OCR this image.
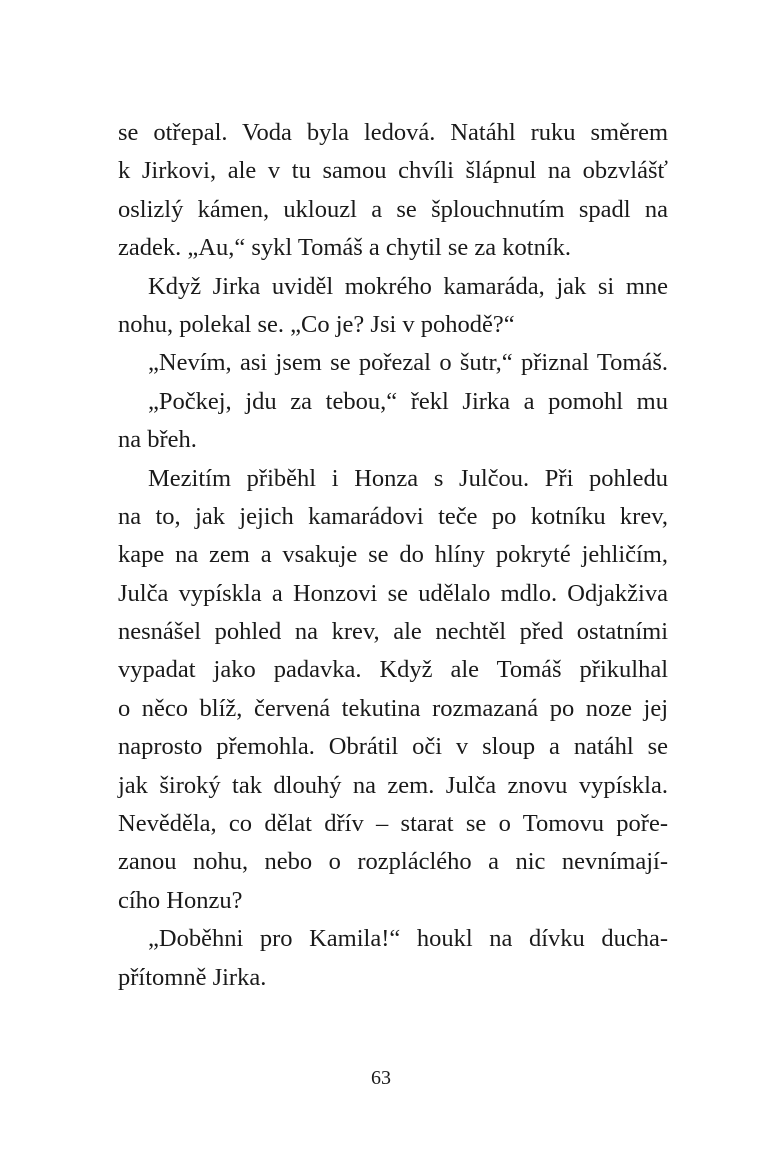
se otřepal. Voda byla ledová. Natáhl ruku směrem
k Jirkovi, ale v tu samou chvíli šlápnul na obzvlášť
oslizlý kámen, uklouzl a se šplouchnutím spadl na
zadek. „Au,“ sykl Tomáš a chytil se za kotník.
Když Jirka uviděl mokrého kamaráda, jak si mne
nohu, polekal se. „Co je? Jsi v pohodě?“
„Nevím, asi jsem se pořezal o šutr,“ přiznal Tomáš.
„Počkej, jdu za tebou,“ řekl Jirka a pomohl mu
na břeh.
Mezitím přiběhl i Honza s Julčou. Při pohledu
na to, jak jejich kamarádovi teče po kotníku krev,
kape na zem a vsakuje se do hlíny pokryté jehličím,
Julča vypískla a Honzovi se udělalo mdlo. Odjakživa
nesnášel pohled na krev, ale nechtěl před ostatními
vypadat jako padavka. Když ale Tomáš přikulhal
o něco blíž, červená tekutina rozmazaná po noze jej
naprosto přemohla. Obrátil oči v sloup a natáhl se
jak široký tak dlouhý na zem. Julča znovu vypískla.
Nevěděla, co dělat dřív – starat se o Tomovu poře-
zanou nohu, nebo o rozpláclého a nic nevnímají-
cího Honzu?
„Doběhni pro Kamila!“ houkl na dívku ducha-
přítomně Jirka.
63
